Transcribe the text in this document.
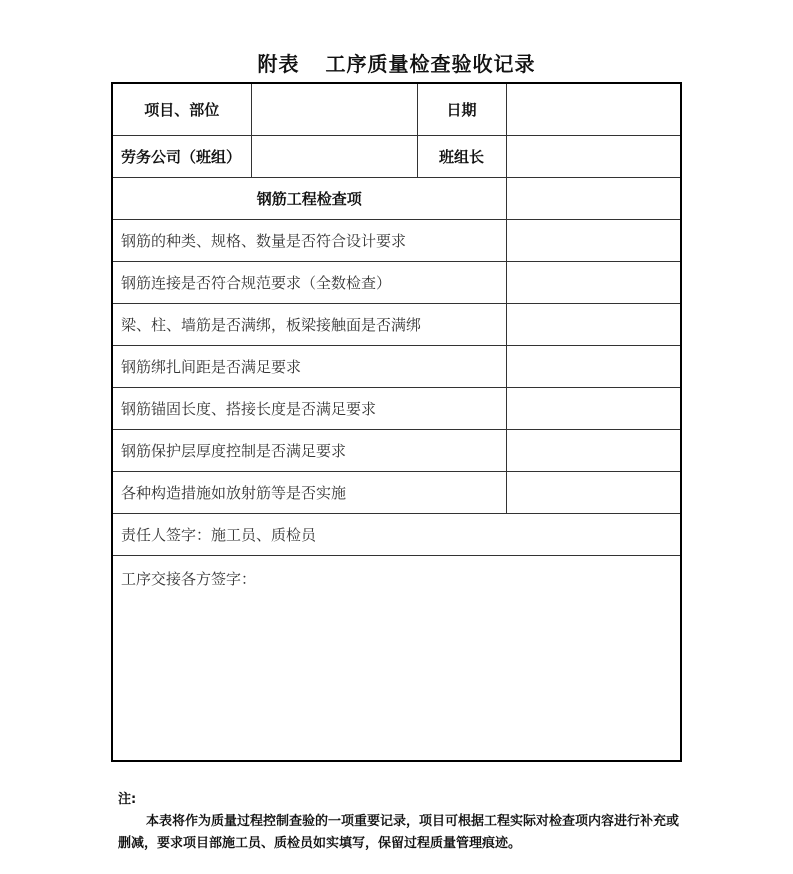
附表 工序质量检查验收记录
项目、部位		日期	
劳务公司（班组）		班组长	
钢筋工程检查项			
钢筋的种类、规格、数量是否符合设计要求			
钢筋连接是否符合规范要求（全数检查）			
梁、柱、墙筋是否满绑，板梁接触面是否满绑			
钢筋绑扎间距是否满足要求			
钢筋锚固长度、搭接长度是否满足要求			
钢筋保护层厚度控制是否满足要求			
各种构造措施如放射筋等是否实施			
责任人签字：施工员、质检员			
工序交接各方签字：			
注:
本表将作为质量过程控制查验的一项重要记录，项目可根据工程实际对检查项内容进行补充或删减，要求项目部施工员、质检员如实填写，保留过程质量管理痕迹。
